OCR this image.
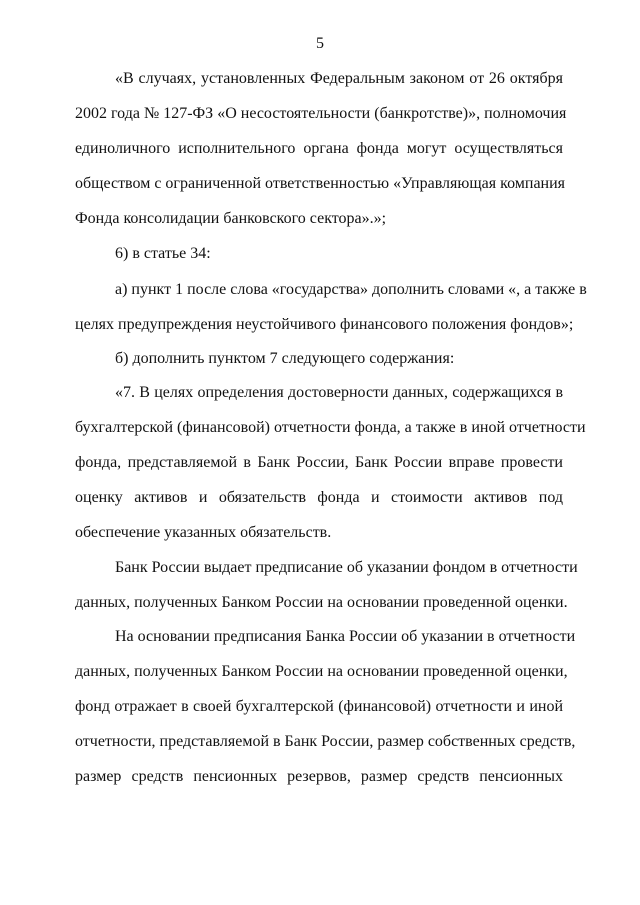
5
«В случаях, установленных Федеральным законом от 26 октября
2002 года № 127-ФЗ «О несостоятельности (банкротстве)», полномочия
единоличного исполнительного органа фонда могут осуществляться
обществом с ограниченной ответственностью «Управляющая компания
Фонда консолидации банковского сектора».»;
6) в статье 34:
а) пункт 1 после слова «государства» дополнить словами «, а также в
целях предупреждения неустойчивого финансового положения фондов»;
б) дополнить пунктом 7 следующего содержания:
«7. В целях определения достоверности данных, содержащихся в
бухгалтерской (финансовой) отчетности фонда, а также в иной отчетности
фонда, представляемой в Банк России, Банк России вправе провести
оценку активов и обязательств фонда и стоимости активов под
обеспечение указанных обязательств.
Банк России выдает предписание об указании фондом в отчетности
данных, полученных Банком России на основании проведенной оценки.
На основании предписания Банка России об указании в отчетности
данных, полученных Банком России на основании проведенной оценки,
фонд отражает в своей бухгалтерской (финансовой) отчетности и иной
отчетности, представляемой в Банк России, размер собственных средств,
размер средств пенсионных резервов, размер средств пенсионных
